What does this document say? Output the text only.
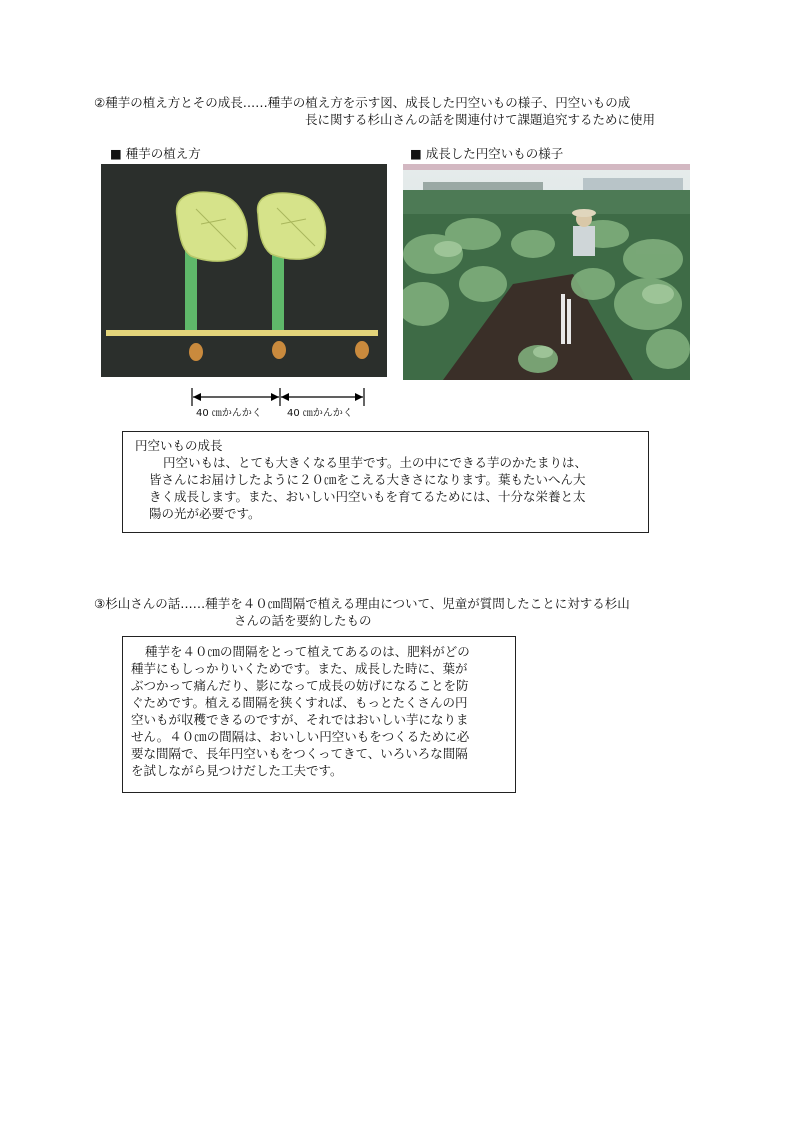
②種芋の植え方とその成長‥‥‥種芋の植え方を示す図、成長した円空いもの様子、円空いもの成
長に関する杉山さんの話を関連付けて課題追究するために使用
■ 種芋の植え方	■ 成長した円空いもの様子
40 ㎝かんかく	40 ㎝かんかく

円空いもの成長

円空いもは、とても大きくなる里芋です。土の中にできる芋のかたまりは、

皆さんにお届けしたように２０㎝をこえる大きさになります。葉もたいへん大

きく成長します。また、おいしい円空いもを育てるためには、十分な栄養と太

陽の光が必要です。

③杉山さんの話‥‥‥種芋を４０㎝間隔で植える理由について、児童が質問したことに対する杉山
さんの話を要約したもの

種芋を４０㎝の間隔をとって植えてあるのは、肥料がどの

種芋にもしっかりいくためです。また、成長した時に、葉が

ぶつかって痛んだり、影になって成長の妨げになることを防

ぐためです。植える間隔を狭くすれば、もっとたくさんの円

空いもが収穫できるのですが、それではおいしい芋になりま

せん。４０㎝の間隔は、おいしい円空いもをつくるために必

要な間隔で、長年円空いもをつくってきて、いろいろな間隔

を試しながら見つけだした工夫です。
